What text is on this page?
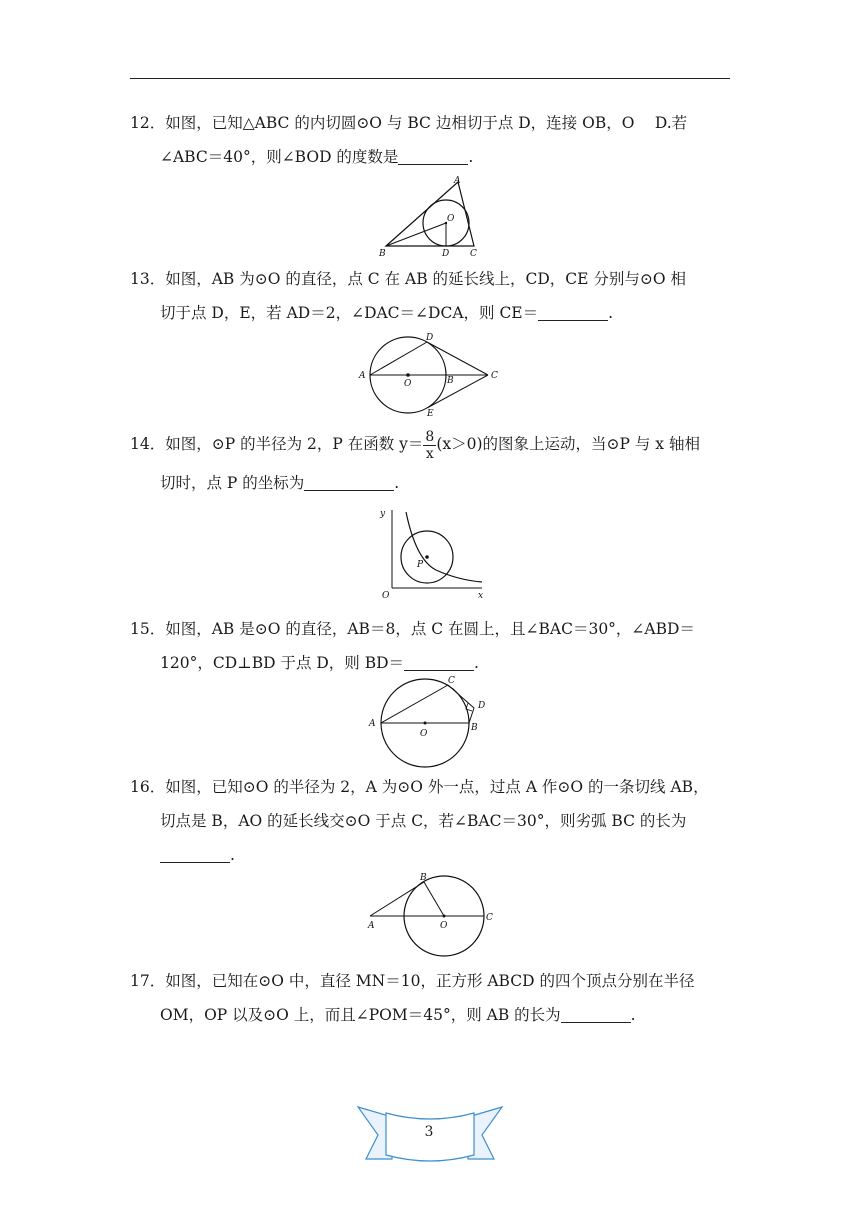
12．如图，已知△ABC 的内切圆⊙O 与 BC 边相切于点 D，连接 OB，O　 D.若
∠ABC＝40°，则∠BOD 的度数是	.
A
B	D C
O
13．如图，AB 为⊙O 的直径，点 C 在 AB 的延长线上，CD，CE 分别与⊙O 相
切于点 D，E，若 AD＝2，∠DAC＝∠DCA，则 CE＝	.
A
O	B	C
D
E
14．如图，⊙P 的半径为 2，P 在函数 $y= \frac{8}{x} (x>0)$的图象上运动，当⊙P 与 x 轴相
切时，点 P 的坐标为	.
y
x
O
P
15．如图，AB 是⊙O 的直径，AB＝8，点 C 在圆上，且∠BAC＝30°，∠ABD＝
120°，CD⊥BD 于点 D，则 BD＝	.
A
O
B
C
D
16．如图，已知⊙O 的半径为 2，A 为⊙O 外一点，过点 A 作⊙O 的一条切线 AB，
切点是 B，AO 的延长线交⊙O 于点 C，若∠BAC＝30°，则劣弧 BC 的长为
.
A
B
O
C
17．如图，已知在⊙O 中，直径 MN＝10，正方形 ABCD 的四个顶点分别在半径
OM，OP 以及⊙O 上，而且∠POM＝45°，则 AB 的长为	.
3
